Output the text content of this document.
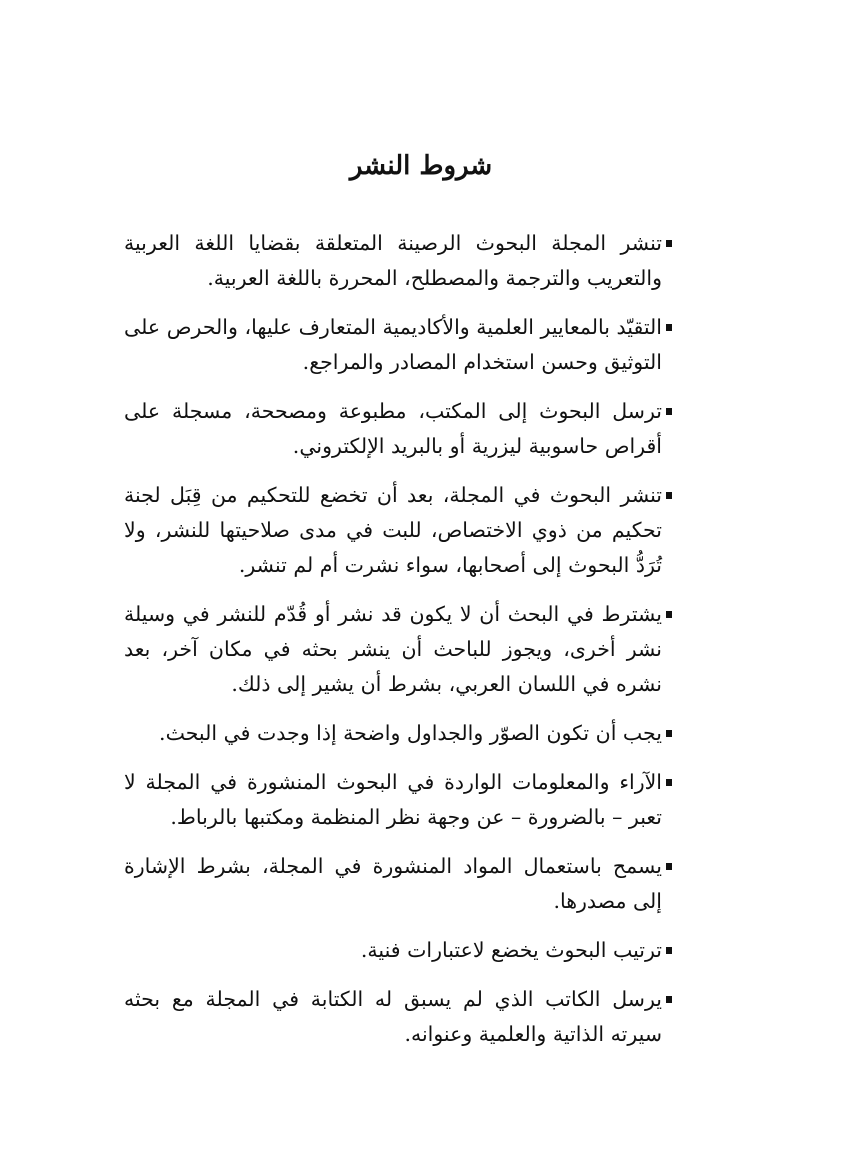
شروط النشر
تنشر المجلة البحوث الرصينة المتعلقة بقضايا اللغة العربية والتعريب والترجمة والمصطلح، المحررة باللغة العربية.
التقيّد بالمعايير العلمية والأكاديمية المتعارف عليها، والحرص على التوثيق وحسن استخدام المصادر والمراجع.
ترسل البحوث إلى المكتب، مطبوعة ومصححة، مسجلة على أقراص حاسوبية ليزرية أو بالبريد الإلكتروني.
تنشر البحوث في المجلة، بعد أن تخضع للتحكيم من قِبَل لجنة تحكيم من ذوي الاختصاص، للبت في مدى صلاحيتها للنشر، ولا تُرَدُّ البحوث إلى أصحابها، سواء نشرت أم لم تنشر.
يشترط في البحث أن لا يكون قد نشر أو قُدّم للنشر في وسيلة نشر أخرى، ويجوز للباحث أن ينشر بحثه في مكان آخر، بعد نشره في اللسان العربي، بشرط أن يشير إلى ذلك.
يجب أن تكون الصوّر والجداول واضحة إذا وجدت في البحث.
الآراء والمعلومات الواردة في البحوث المنشورة في المجلة لا تعبر – بالضرورة – عن وجهة نظر المنظمة ومكتبها بالرباط.
يسمح باستعمال المواد المنشورة في المجلة، بشرط الإشارة إلى مصدرها.
ترتيب البحوث يخضع لاعتبارات فنية.
يرسل الكاتب الذي لم يسبق له الكتابة في المجلة مع بحثه سيرته الذاتية والعلمية وعنوانه.
